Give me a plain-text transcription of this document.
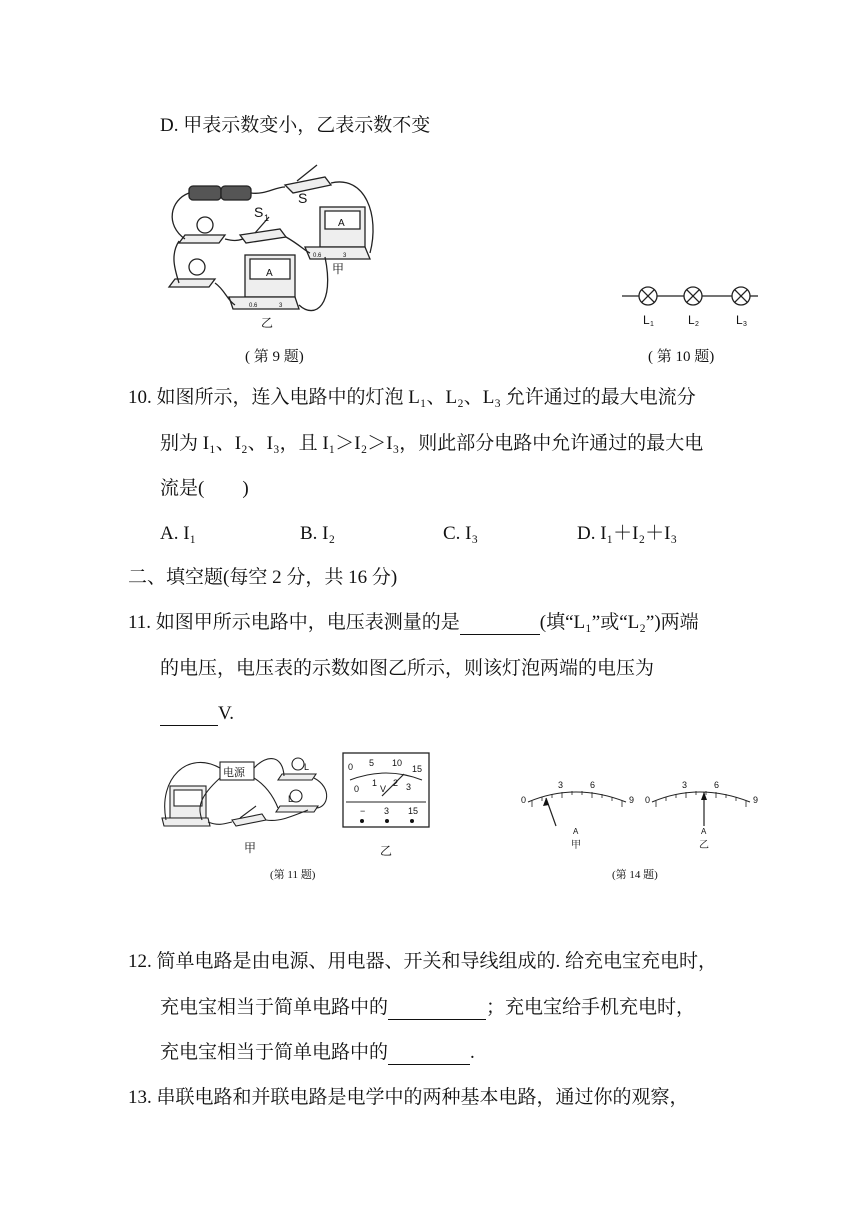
D. 甲表示数变小，乙表示数不变
S
S 1	A
A	甲
乙
0.6	3
0.6	3
( 第 9 题)
L 1	L 2	L 3
( 第 10 题)
10. 如图所示，连入电路中的灯泡 L₁、L₂、L₃ 允许通过的最大电流分
别为 I₁、I₂、I₃，且 I₁＞I₂＞I₃，则此部分电路中允许通过的最大电
流是(　　)
A. I₁	B. I₂	C. I₃	D. I₁＋I₂＋I₃
二、填空题(每空 2 分，共 16 分)
11. 如图甲所示电路中，电压表测量的是	(填“L₁”或“L₂”)两端
的电压，电压表的示数如图乙所示，则该灯泡两端的电压为
V.
电源	L
L
甲
0 5 10
15
0
1 2 3
V
− 3 15
乙
(第 11 题)
0
3	6
9 0
3	6
9
A	A
甲	乙
(第 14 题)
12. 简单电路是由电源、用电器、开关和导线组成的. 给充电宝充电时，
充电宝相当于简单电路中的	；充电宝给手机充电时，
充电宝相当于简单电路中的	.
13. 串联电路和并联电路是电学中的两种基本电路，通过你的观察，
